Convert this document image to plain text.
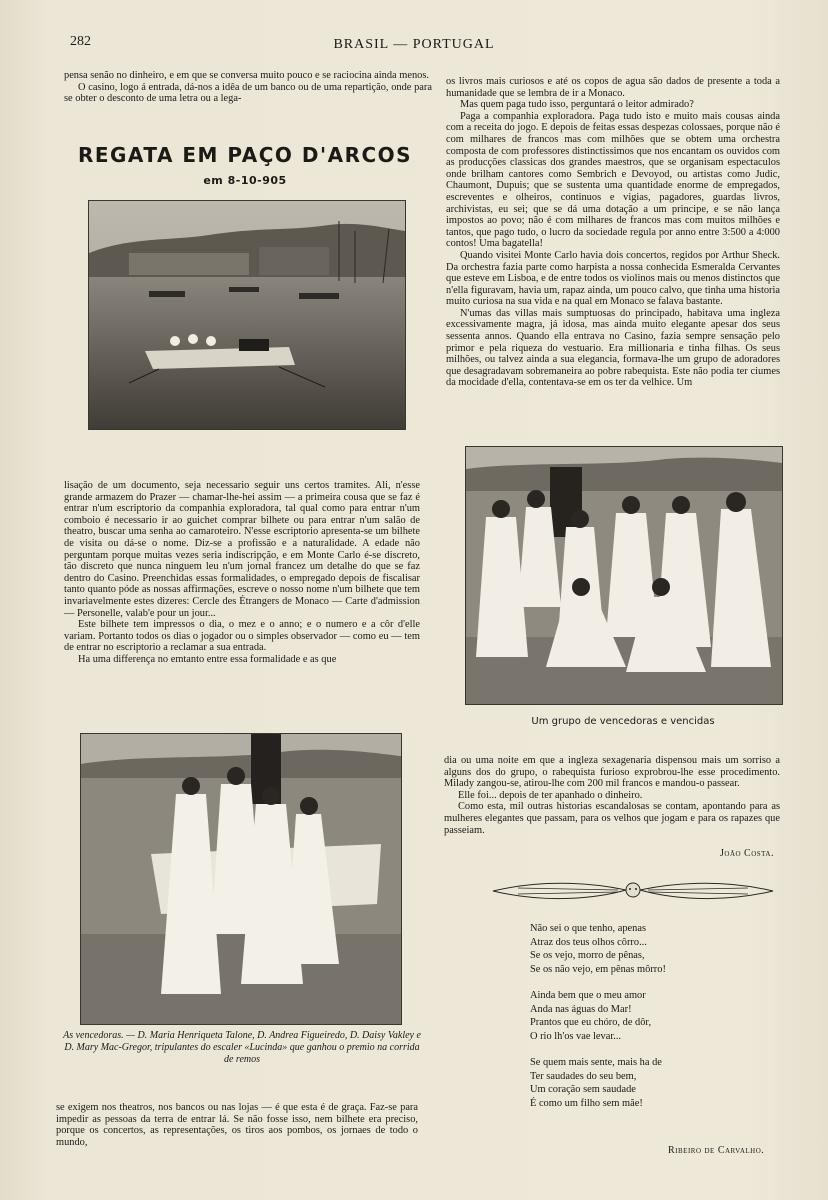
282	BRASIL — PORTUGAL

pensa senão no dinheiro, e em que se conversa muito pouco e se raciocina ainda menos.

O casino, logo á entrada, dá-nos a idêa de um banco ou de uma repartição, onde para se obter o desconto de uma letra ou a lega-

REGATA EM PAÇO D'ARCOS
em 8-10-905

lisação de um documento, seja necessario seguir uns certos tramites. Ali, n'esse grande armazem do Prazer — chamar-lhe-hei assim — a primeira cousa que se faz é entrar n'um escriptorio da companhia exploradora, tal qual como para entrar n'um comboio é necessario ir ao guichet comprar bilhete ou para entrar n'um salão de theatro, buscar uma senha ao camaroteiro. N'esse escriptorio apresenta-se um bilhete de visita ou dá-se o nome. Diz-se a profissão e a naturalidade. A edade não perguntam porque muitas vezes seria indiscripção, e em Monte Carlo é-se discreto, tão discreto que nunca ninguem leu n'um jornal francez um detalhe do que se faz dentro do Casino. Preenchidas essas formalidades, o empregado depois de fiscalisar tanto quanto póde as nossas affirmações, escreve o nosso nome n'um bilhete que tem invariavelmente estes dizeres: Cercle des Étrangers de Monaco — Carte d'admission — Personelle, valab'e pour un jour...

Este bilhete tem impressos o dia, o mez e o anno; e o numero e a côr d'elle variam. Portanto todos os dias o jogador ou o simples observador — como eu — tem de entrar no escriptorio a reclamar a sua entrada.

Ha uma differença no emtanto entre essa formalidade e as que

As vencedoras. — D. Maria Henriqueta Talone, D. Andrea Figueiredo, D. Daisy Vakley e D. Mary Mac-Gregor, tripulantes do escaler «Lucinda» que ganhou o premio na corrida de remos

se exigem nos theatros, nos bancos ou nas lojas — é que esta é de graça. Faz-se para impedir as pessoas da terra de entrar lá. Se não fosse isso, nem bilhete era preciso, porque os concertos, as representações, os tiros aos pombos, os jornaes de todo o mundo,

os livros mais curiosos e até os copos de agua são dados de presente a toda a humanidade que se lembra de ir a Monaco.

Mas quem paga tudo isso, perguntará o leitor admirado?

Paga a companhia exploradora. Paga tudo isto e muito mais cousas ainda com a receita do jogo. E depois de feitas essas despezas colossaes, porque não é com milhares de francos mas com milhões que se obtem uma orchestra composta de com professores distinctissimos que nos encantam os ouvidos com as producções classicas dos grandes maestros, que se organisam espectaculos onde brilham cantores como Sembrich e Devoyod, ou artistas como Judic, Chaumont, Dupuis; que se sustenta uma quantidade enorme de empregados, escreventes e olheiros, continuos e vigias, pagadores, guardas livros, archivistas, eu sei; que se dá uma dotação a um principe, e se não lança impostos ao povo; não é com milhares de francos mas com muitos milhões e tantos, que pago tudo, o lucro da sociedade regula por anno entre 3:500 a 4:000 contos! Uma bagatella!

Quando visitei Monte Carlo havia dois concertos, regidos por Arthur Sheck. Da orchestra fazia parte como harpista a nossa conhecida Esmeralda Cervantes que esteve em Lisboa, e de entre todos os violinos mais ou menos distinctos que n'ella figuravam, havia um, rapaz ainda, um pouco calvo, que tinha uma historia muito curiosa na sua vida e na qual em Monaco se falava bastante.

N'umas das villas mais sumptuosas do principado, habitava uma ingleza excessivamente magra, já idosa, mas ainda muito elegante apesar dos seus sessenta annos. Quando ella entrava no Casino, fazia sempre sensação pelo primor e pela riqueza do vestuario. Era millionaria e tinha filhas. Os seus milhões, ou talvez ainda a sua elegancia, formava-lhe um grupo de adoradores que desagradavam sobremaneira ao pobre rabequista. Este não podia ter ciumes da mocidade d'ella, contentava-se em os ter da velhice. Um

Um grupo de vencedoras e vencidas

dia ou uma noite em que a ingleza sexagenaria dispensou mais um sorriso a alguns dos do grupo, o rabequista furioso exprobrou-lhe esse procedimento. Milady zangou-se, atirou-lhe com 200 mil francos e mandou-o passear.

Elle foi... depois de ter apanhado o dinheiro.

Como esta, mil outras historias escandalosas se contam, apontando para as mulheres elegantes que passam, para os velhos que jogam e para os rapazes que passeiam.

João Costa.
Não sei o que tenho, apenas
Atraz dos teus olhos côrro...
Se os vejo, morro de pênas,
Se os não vejo, em pênas môrro!
Ainda bem que o meu amor
Anda nas águas do Mar!
Prantos que eu chóro, de dôr,
O rio lh'os vae levar...
Se quem mais sente, mais ha de
Ter saudades do seu bem,
Um coração sem saudade
É como um filho sem mãe!
Ribeiro de Carvalho.
